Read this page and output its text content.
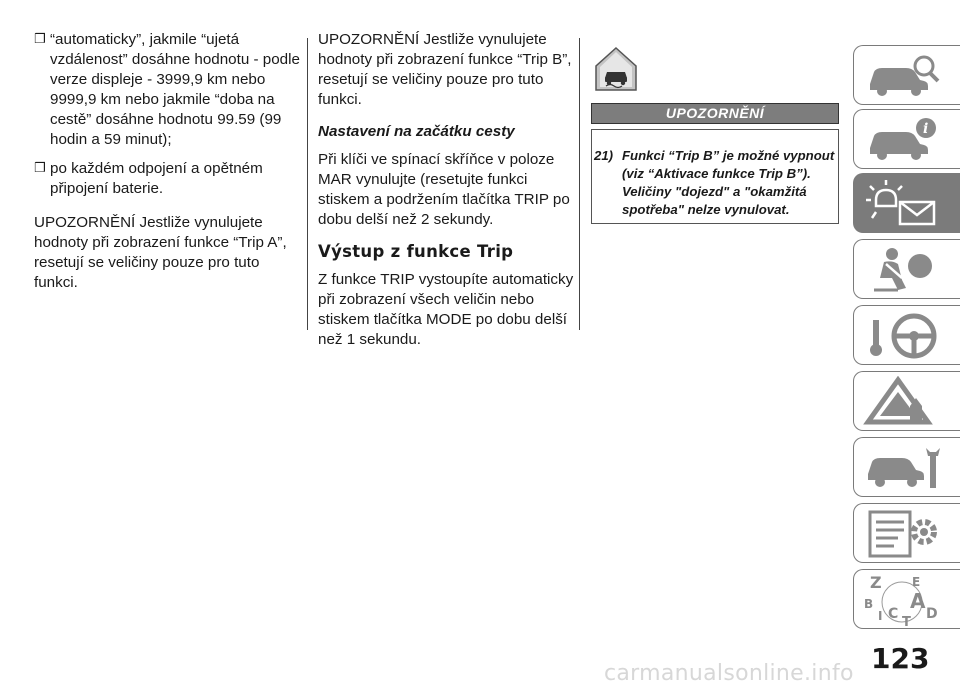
❒ “automaticky”, jakmile “ujetá vzdálenost” dosáhne hodnotu - podle verze displeje - 3999,9 km nebo 9999,9 km nebo jakmile “doba na cestě” dosáhne hodnotu 99.59 (99 hodin a 59 minut);
❒ po každém odpojení a opětném připojení baterie.

UPOZORNĚNÍ Jestliže vynulujete hodnoty při zobrazení funkce “Trip A”, resetují se veličiny pouze pro tuto funkci.

UPOZORNĚNÍ Jestliže vynulujete hodnoty při zobrazení funkce “Trip B”, resetují se veličiny pouze pro tuto funkci.

Nastavení na začátku cesty

Při klíči ve spínací skříňce v poloze MAR vynulujte (resetujte funkci stiskem a podržením tlačítka TRIP po dobu delší než 2 sekundy.

Výstup z funkce Trip

Z funkce TRIP vystoupíte automaticky při zobrazení všech veličin nebo stiskem tlačítka MODE po dobu delší než 1 sekundu.

UPOZORNĚNÍ
21) Funkci “Trip B” je možné vypnout (viz “Aktivace funkce Trip B”). Veličiny "dojezd" a "okamžitá spotřeba" nelze vynulovat.
i
Z	E
B A
I C D
T
123
carmanualsonline.info
